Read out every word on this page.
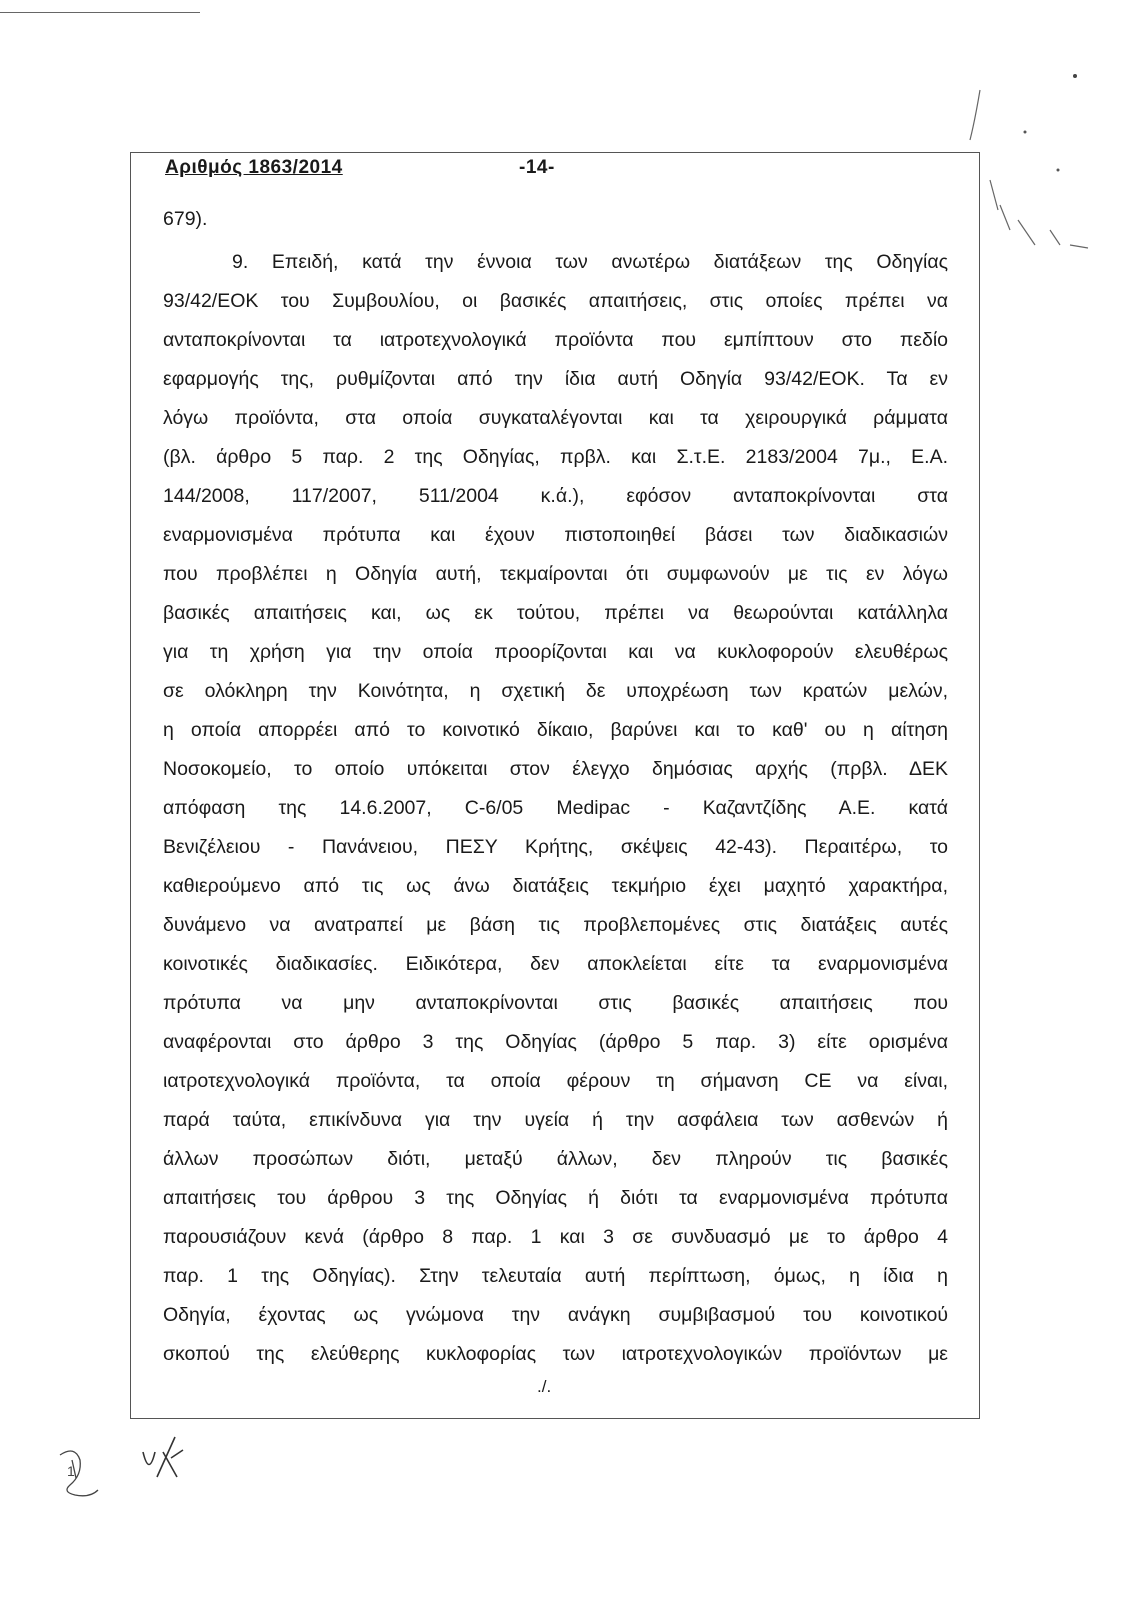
Αριθμός 1863/2014	-14-
679).
9. Επειδή, κατά την έννοια των ανωτέρω διατάξεων της Οδηγίας
93/42/ΕΟΚ του Συμβουλίου, οι βασικές απαιτήσεις, στις οποίες πρέπει να
ανταποκρίνονται τα ιατροτεχνολογικά προϊόντα που εμπίπτουν στο πεδίο
εφαρμογής της, ρυθμίζονται από την ίδια αυτή Οδηγία 93/42/ΕΟΚ. Τα εν
λόγω προϊόντα, στα οποία συγκαταλέγονται και τα χειρουργικά ράμματα
(βλ. άρθρο 5 παρ. 2 της Οδηγίας, πρβλ. και Σ.τ.Ε. 2183/2004 7μ., Ε.Α.
144/2008, 117/2007, 511/2004 κ.ά.), εφόσον ανταποκρίνονται στα
εναρμονισμένα πρότυπα και έχουν πιστοποιηθεί βάσει των διαδικασιών
που προβλέπει η Οδηγία αυτή, τεκμαίρονται ότι συμφωνούν με τις εν λόγω
βασικές απαιτήσεις και, ως εκ τούτου, πρέπει να θεωρούνται κατάλληλα
για τη χρήση για την οποία προορίζονται και να κυκλοφορούν ελευθέρως
σε ολόκληρη την Κοινότητα, η σχετική δε υποχρέωση των κρατών μελών,
η οποία απορρέει από το κοινοτικό δίκαιο, βαρύνει και το καθ' ου η αίτηση
Νοσοκομείο, το οποίο υπόκειται στον έλεγχο δημόσιας αρχής (πρβλ. ΔΕΚ
απόφαση της 14.6.2007, C-6/05 Medipac - Καζαντζίδης Α.Ε. κατά
Βενιζέλειου - Πανάνειου, ΠΕΣΥ Κρήτης, σκέψεις 42-43). Περαιτέρω, το
καθιερούμενο από τις ως άνω διατάξεις τεκμήριο έχει μαχητό χαρακτήρα,
δυνάμενο να ανατραπεί με βάση τις προβλεπομένες στις διατάξεις αυτές
κοινοτικές διαδικασίες. Ειδικότερα, δεν αποκλείεται είτε τα εναρμονισμένα
πρότυπα να μην ανταποκρίνονται στις βασικές απαιτήσεις που
αναφέρονται στο άρθρο 3 της Οδηγίας (άρθρο 5 παρ. 3) είτε ορισμένα
ιατροτεχνολογικά προϊόντα, τα οποία φέρουν τη σήμανση CE να είναι,
παρά ταύτα, επικίνδυνα για την υγεία ή την ασφάλεια των ασθενών ή
άλλων προσώπων διότι, μεταξύ άλλων, δεν πληρούν τις βασικές
απαιτήσεις του άρθρου 3 της Οδηγίας ή διότι τα εναρμονισμένα πρότυπα
παρουσιάζουν κενά (άρθρο 8 παρ. 1 και 3 σε συνδυασμό με το άρθρο 4
παρ. 1 της Οδηγίας). Στην τελευταία αυτή περίπτωση, όμως, η ίδια η
Οδηγία, έχοντας ως γνώμονα την ανάγκη συμβιβασμού του κοινοτικού
σκοπού της ελεύθερης κυκλοφορίας των ιατροτεχνολογικών προϊόντων με
./.
1
